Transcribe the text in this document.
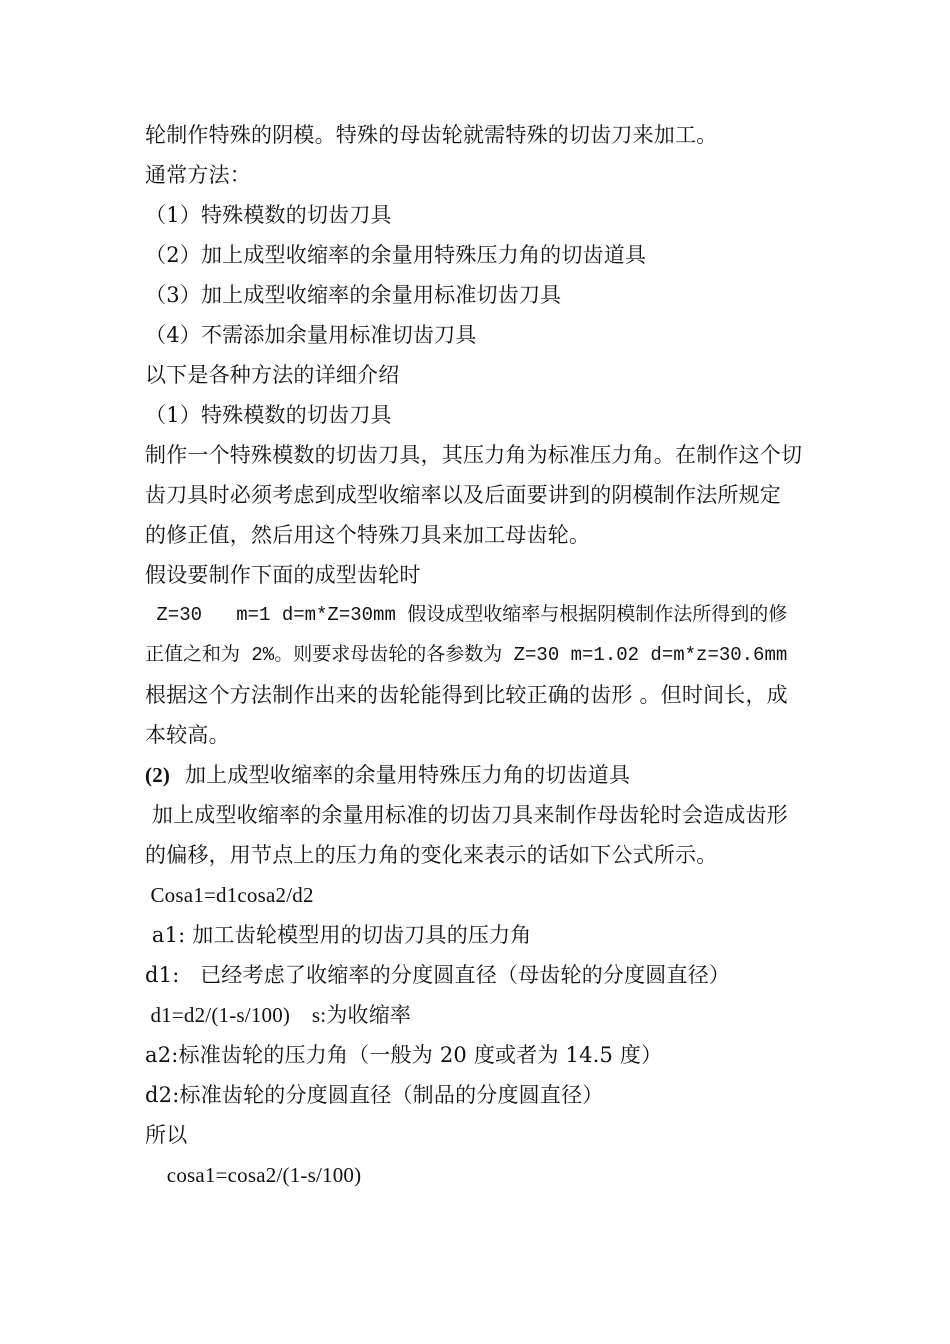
轮制作特殊的阴模。特殊的母齿轮就需特殊的切齿刀来加工。
通常方法：
（1）特殊模数的切齿刀具
（2）加上成型收缩率的余量用特殊压力角的切齿道具
（3）加上成型收缩率的余量用标准切齿刀具
（4）不需添加余量用标准切齿刀具
以下是各种方法的详细介绍
（1）特殊模数的切齿刀具
制作一个特殊模数的切齿刀具，其压力角为标准压力角。在制作这个切
齿刀具时必须考虑到成型收缩率以及后面要讲到的阴模制作法所规定
的修正值，然后用这个特殊刀具来加工母齿轮。
假设要制作下面的成型齿轮时
Z=30   m=1 d=m*Z=30mm 假设成型收缩率与根据阴模制作法所得到的修
正值之和为 2%。则要求母齿轮的各参数为 Z=30 m=1.02 d=m*z=30.6mm
根据这个方法制作出来的齿轮能得到比较正确的齿形 。但时间长，成
本较高。
(2) 加上成型收缩率的余量用特殊压力角的切齿道具
加上成型收缩率的余量用标准的切齿刀具来制作母齿轮时会造成齿形
的偏移，用节点上的压力角的变化来表示的话如下公式所示。
Cosa1=d1cosa2/d2
a1: 加工齿轮模型用的切齿刀具的压力角
d1:   已经考虑了收缩率的分度圆直径（母齿轮的分度圆直径）
d1=d2/(1-s/100)    s:为收缩率
a2:标准齿轮的压力角（一般为 20 度或者为 14.5 度）
d2:标准齿轮的分度圆直径（制品的分度圆直径）
所以
cosa1=cosa2/(1-s/100)
